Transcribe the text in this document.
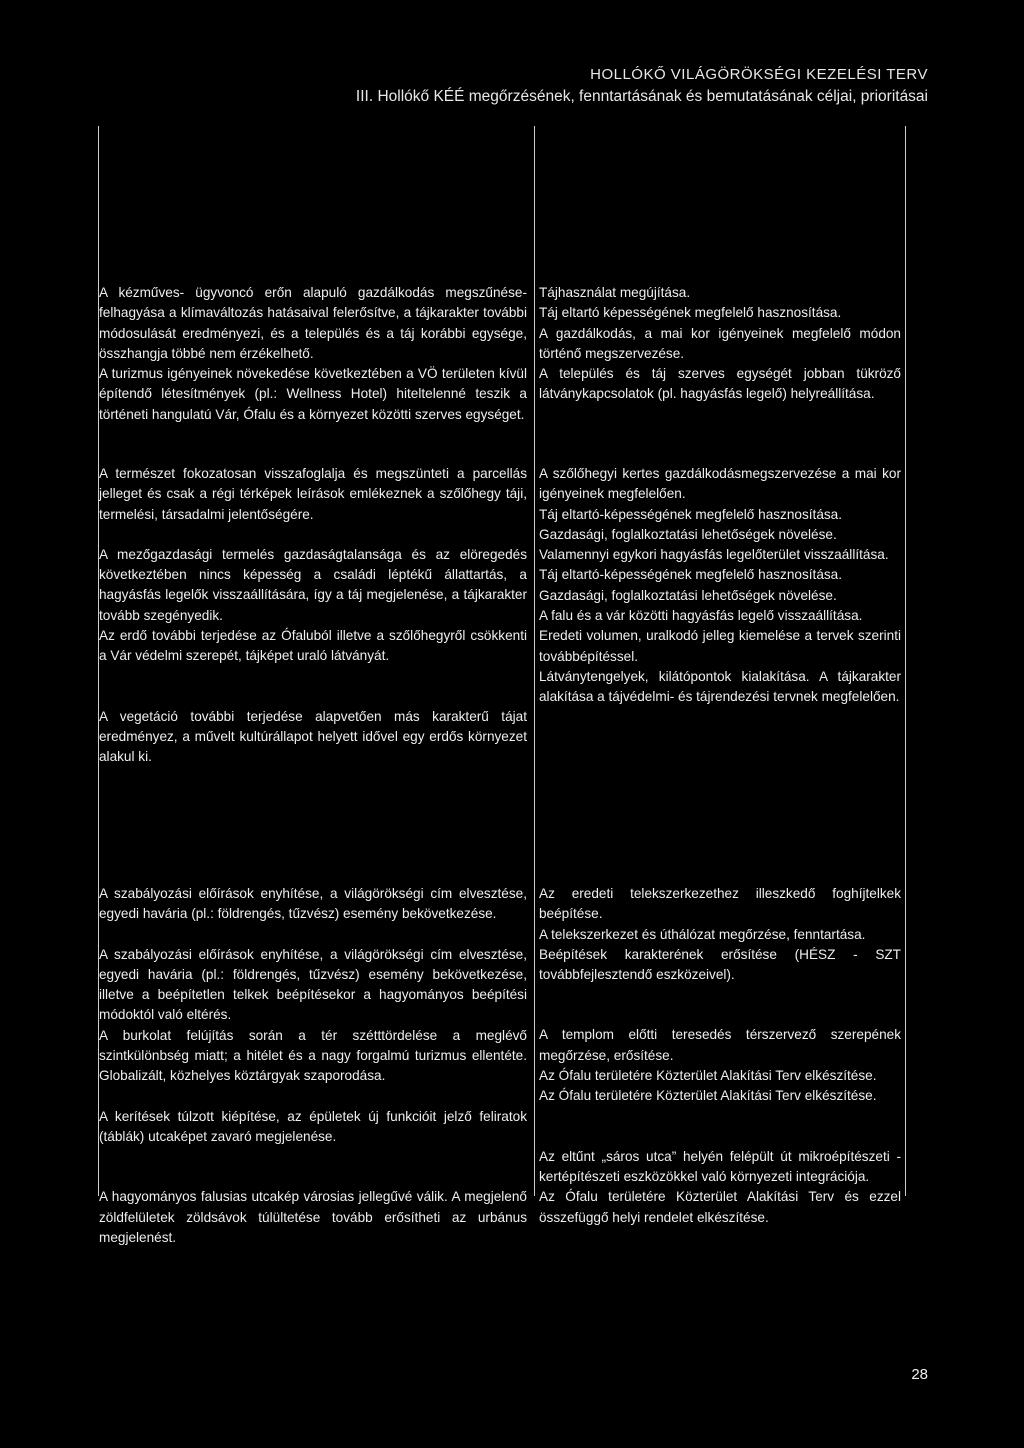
HOLLÓKŐ VILÁGÖRÖKSÉGI KEZELÉSI TERV
III. Hollókő KÉÉ megőrzésének, fenntartásának és bemutatásának céljai, prioritásai

A kézműves- ügyvoncó erőn alapuló gazdálkodás megszűnése-felhagyása a klímaváltozás hatásaival felerősítve, a tájkarakter további módosulását eredményezi, és a település és a táj korábbi egysége, összhangja többé nem érzékelhető.

A turizmus igényeinek növekedése következtében a VÖ területen kívül építendő létesítmények (pl.: Wellness Hotel) hiteltelenné teszik a történeti hangulatú Vár, Ófalu és a környezet közötti szerves egységet.

Tájhasználat megújítása.

Táj eltartó képességének megfelelő hasznosítása.

A gazdálkodás, a mai kor igényeinek megfelelő módon történő megszervezése.

A település és táj szerves egységét jobban tükröző látványkapcsolatok (pl. hagyásfás legelő) helyreállítása.

A természet fokozatosan visszafoglalja és megszünteti a parcellás jelleget és csak a régi térképek leírások emlékeznek a szőlőhegy táji, termelési, társadalmi jelentőségére.

A mezőgazdasági termelés gazdaságtalansága és az elöregedés következtében nincs képesség a családi léptékű állattartás, a hagyásfás legelők visszaállítására, így a táj megjelenése, a tájkarakter tovább szegényedik.

Az erdő további terjedése az Ófaluból illetve a szőlőhegyről csökkenti a Vár védelmi szerepét, tájképet uraló látványát.

A vegetáció további terjedése alapvetően más karakterű tájat eredményez, a művelt kultúrállapot helyett idővel egy erdős környezet alakul ki.

A szőlőhegyi kertes gazdálkodásmegszervezése a mai kor igényeinek megfelelően.

Táj eltartó-képességének megfelelő hasznosítása.

Gazdasági, foglalkoztatási lehetőségek növelése.

Valamennyi egykori hagyásfás legelőterület visszaállítása.

Táj eltartó-képességének megfelelő hasznosítása.

Gazdasági, foglalkoztatási lehetőségek növelése.

A falu és a vár közötti hagyásfás legelő visszaállítása.

Eredeti volumen, uralkodó jelleg kiemelése a tervek szerinti továbbépítéssel.

Látványtengelyek, kilátópontok kialakítása. A tájkarakter alakítása a tájvédelmi- és tájrendezési tervnek megfelelően.

A szabályozási előírások enyhítése, a világörökségi cím elvesztése, egyedi havária (pl.: földrengés, tűzvész) esemény bekövetkezése.

A szabályozási előírások enyhítése, a világörökségi cím elvesztése, egyedi havária (pl.: földrengés, tűzvész) esemény bekövetkezése, illetve a beépítetlen telkek beépítésekor a hagyományos beépítési módoktól való eltérés.

A burkolat felújítás során a tér szétttördelése a meglévő szintkülönbség miatt; a hitélet és a nagy forgalmú turizmus ellentéte. Globalizált, közhelyes köztárgyak szaporodása.

A kerítések túlzott kiépítése, az épületek új funkcióit jelző feliratok (táblák) utcaképet zavaró megjelenése.

A hagyományos falusias utcakép városias jellegűvé válik. A megjelenő zöldfelületek zöldsávok túlültetése tovább erősítheti az urbánus megjelenést.

Az eredeti telekszerkezethez illeszkedő foghíjtelkek beépítése.

A telekszerkezet és úthálózat megőrzése, fenntartása.

Beépítések karakterének erősítése (HÉSZ - SZT továbbfejlesztendő eszközeivel).

A templom előtti teresedés térszervező szerepének megőrzése, erősítése.

Az Ófalu területére Közterület Alakítási Terv elkészítése.

Az Ófalu területére Közterület Alakítási Terv elkészítése.

Az eltűnt „sáros utca” helyén felépült út mikroépítészeti - kertépítészeti eszközökkel való környezeti integrációja.

Az Ófalu területére Közterület Alakítási Terv és ezzel összefüggő helyi rendelet elkészítése.

28
